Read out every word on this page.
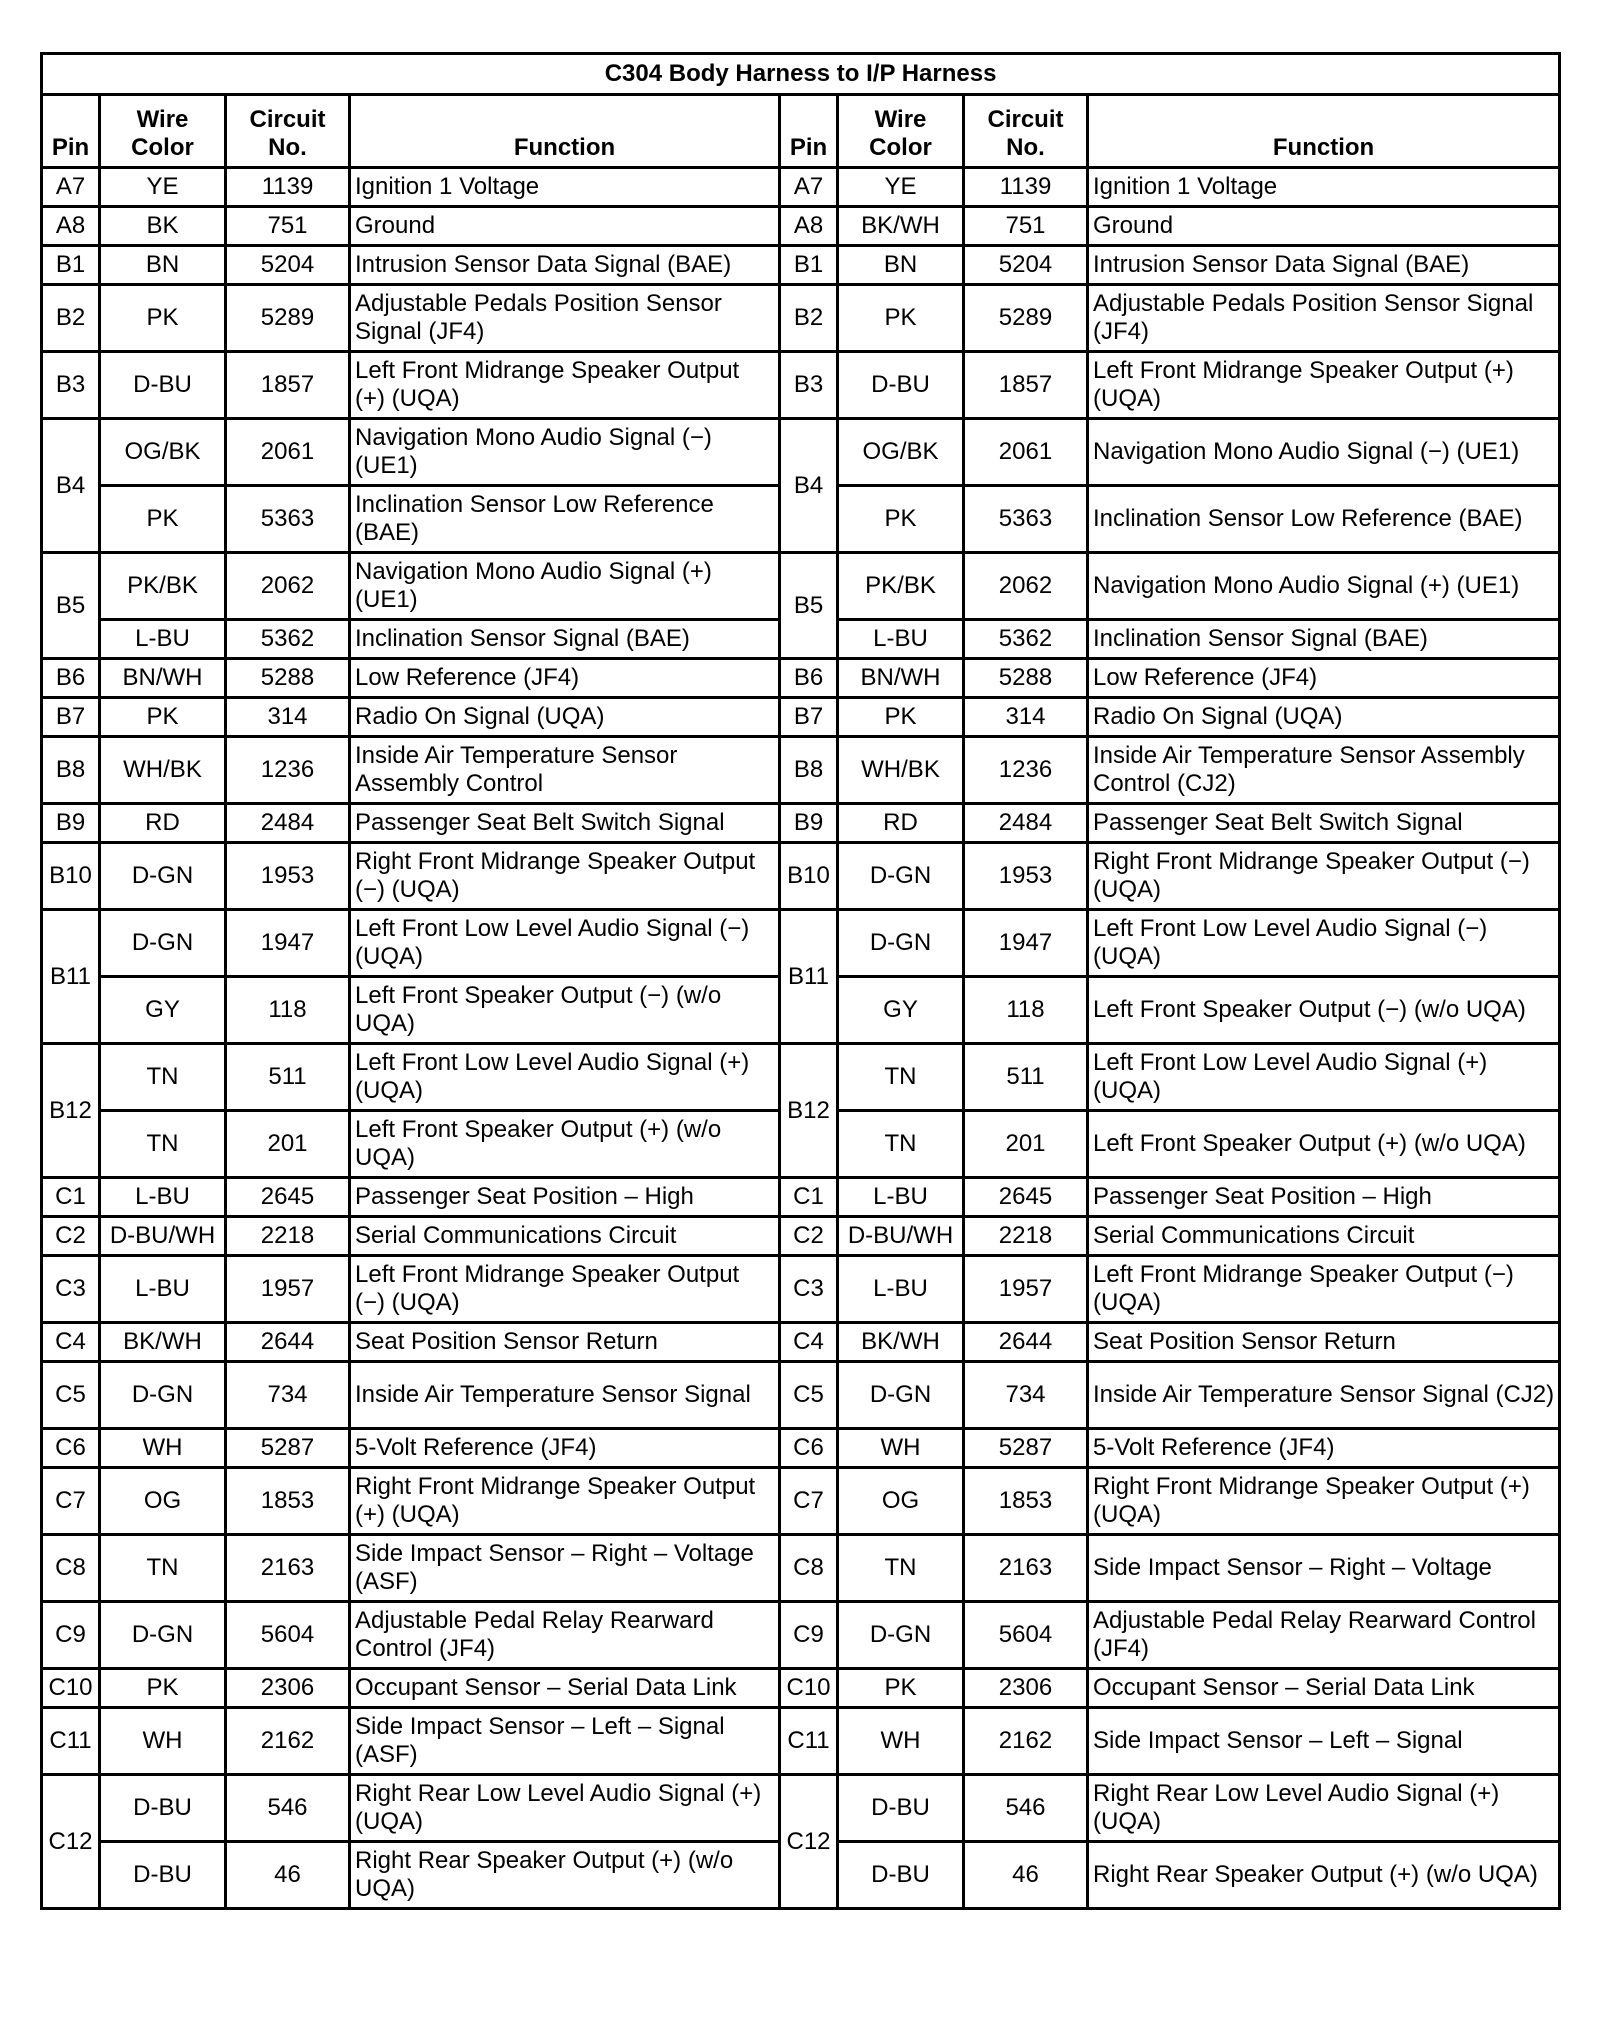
C304 Body Harness to I/P Harness							
Pin	Wire Color	Circuit No.	Function	Pin	Wire Color	Circuit No.	Function
A7	YE	1139	Ignition 1 Voltage	A7	YE	1139	Ignition 1 Voltage
A8	BK	751	Ground	A8	BK/WH	751	Ground
B1	BN	5204	Intrusion Sensor Data Signal (BAE)	B1	BN	5204	Intrusion Sensor Data Signal (BAE)
B2	PK	5289	Adjustable Pedals Position Sensor Signal (JF4)	B2	PK	5289	Adjustable Pedals Position Sensor Signal (JF4)
B3	D-BU	1857	Left Front Midrange Speaker Output (+) (UQA)	B3	D-BU	1857	Left Front Midrange Speaker Output (+) (UQA)
B4	OG/BK	2061	Navigation Mono Audio Signal (−) (UE1)	B4	OG/BK	2061	Navigation Mono Audio Signal (−) (UE1)
	PK	5363	Inclination Sensor Low Reference (BAE)		PK	5363	Inclination Sensor Low Reference (BAE)
B5	PK/BK	2062	Navigation Mono Audio Signal (+) (UE1)	B5	PK/BK	2062	Navigation Mono Audio Signal (+) (UE1)
	L-BU	5362	Inclination Sensor Signal (BAE)		L-BU	5362	Inclination Sensor Signal (BAE)
B6	BN/WH	5288	Low Reference (JF4)	B6	BN/WH	5288	Low Reference (JF4)
B7	PK	314	Radio On Signal (UQA)	B7	PK	314	Radio On Signal (UQA)
B8	WH/BK	1236	Inside Air Temperature Sensor Assembly Control	B8	WH/BK	1236	Inside Air Temperature Sensor Assembly Control (CJ2)
B9	RD	2484	Passenger Seat Belt Switch Signal	B9	RD	2484	Passenger Seat Belt Switch Signal
B10	D-GN	1953	Right Front Midrange Speaker Output (−) (UQA)	B10	D-GN	1953	Right Front Midrange Speaker Output (−) (UQA)
B11	D-GN	1947	Left Front Low Level Audio Signal (−) (UQA)	B11	D-GN	1947	Left Front Low Level Audio Signal (−) (UQA)
	GY	118	Left Front Speaker Output (−) (w/o UQA)		GY	118	Left Front Speaker Output (−) (w/o UQA)
B12	TN	511	Left Front Low Level Audio Signal (+) (UQA)	B12	TN	511	Left Front Low Level Audio Signal (+) (UQA)
	TN	201	Left Front Speaker Output (+) (w/o UQA)		TN	201	Left Front Speaker Output (+) (w/o UQA)
C1	L-BU	2645	Passenger Seat Position – High	C1	L-BU	2645	Passenger Seat Position – High
C2	D-BU/WH	2218	Serial Communications Circuit	C2	D-BU/WH	2218	Serial Communications Circuit
C3	L-BU	1957	Left Front Midrange Speaker Output (−) (UQA)	C3	L-BU	1957	Left Front Midrange Speaker Output (−) (UQA)
C4	BK/WH	2644	Seat Position Sensor Return	C4	BK/WH	2644	Seat Position Sensor Return
C5	D-GN	734	Inside Air Temperature Sensor Signal	C5	D-GN	734	Inside Air Temperature Sensor Signal (CJ2)
C6	WH	5287	5-Volt Reference (JF4)	C6	WH	5287	5-Volt Reference (JF4)
C7	OG	1853	Right Front Midrange Speaker Output (+) (UQA)	C7	OG	1853	Right Front Midrange Speaker Output (+) (UQA)
C8	TN	2163	Side Impact Sensor – Right – Voltage (ASF)	C8	TN	2163	Side Impact Sensor – Right – Voltage
C9	D-GN	5604	Adjustable Pedal Relay Rearward Control (JF4)	C9	D-GN	5604	Adjustable Pedal Relay Rearward Control (JF4)
C10	PK	2306	Occupant Sensor – Serial Data Link	C10	PK	2306	Occupant Sensor – Serial Data Link
C11	WH	2162	Side Impact Sensor – Left – Signal (ASF)	C11	WH	2162	Side Impact Sensor – Left – Signal
C12	D-BU	546	Right Rear Low Level Audio Signal (+) (UQA)	C12	D-BU	546	Right Rear Low Level Audio Signal (+) (UQA)
	D-BU	46	Right Rear Speaker Output (+) (w/o UQA)		D-BU	46	Right Rear Speaker Output (+) (w/o UQA)
